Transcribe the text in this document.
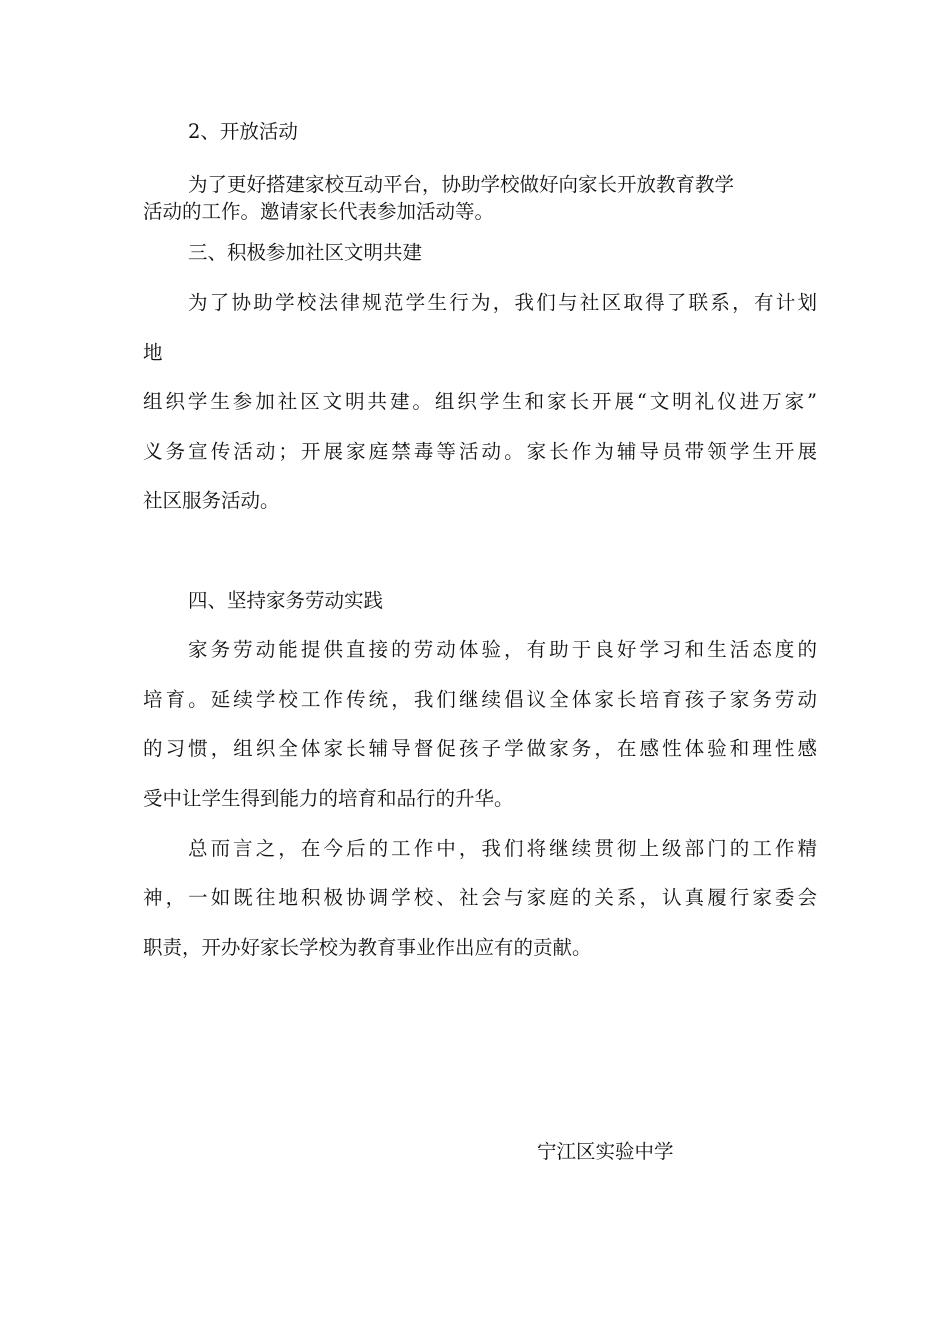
2、开放活动
为了更好搭建家校互动平台，协助学校做好向家长开放教育教学
活动的工作。邀请家长代表参加活动等。
三、积极参加社区文明共建
为了协助学校法律规范学生行为，我们与社区取得了联系，有计划
地
组织学生参加社区文明共建。组织学生和家长开展“文明礼仪进万家”
义务宣传活动；开展家庭禁毒等活动。家长作为辅导员带领学生开展
社区服务活动。
四、坚持家务劳动实践
家务劳动能提供直接的劳动体验，有助于良好学习和生活态度的
培育。延续学校工作传统，我们继续倡议全体家长培育孩子家务劳动
的习惯，组织全体家长辅导督促孩子学做家务，在感性体验和理性感
受中让学生得到能力的培育和品行的升华。
总而言之，在今后的工作中，我们将继续贯彻上级部门的工作精
神，一如既往地积极协调学校、社会与家庭的关系，认真履行家委会
职责，开办好家长学校为教育事业作出应有的贡献。
宁江区实验中学
